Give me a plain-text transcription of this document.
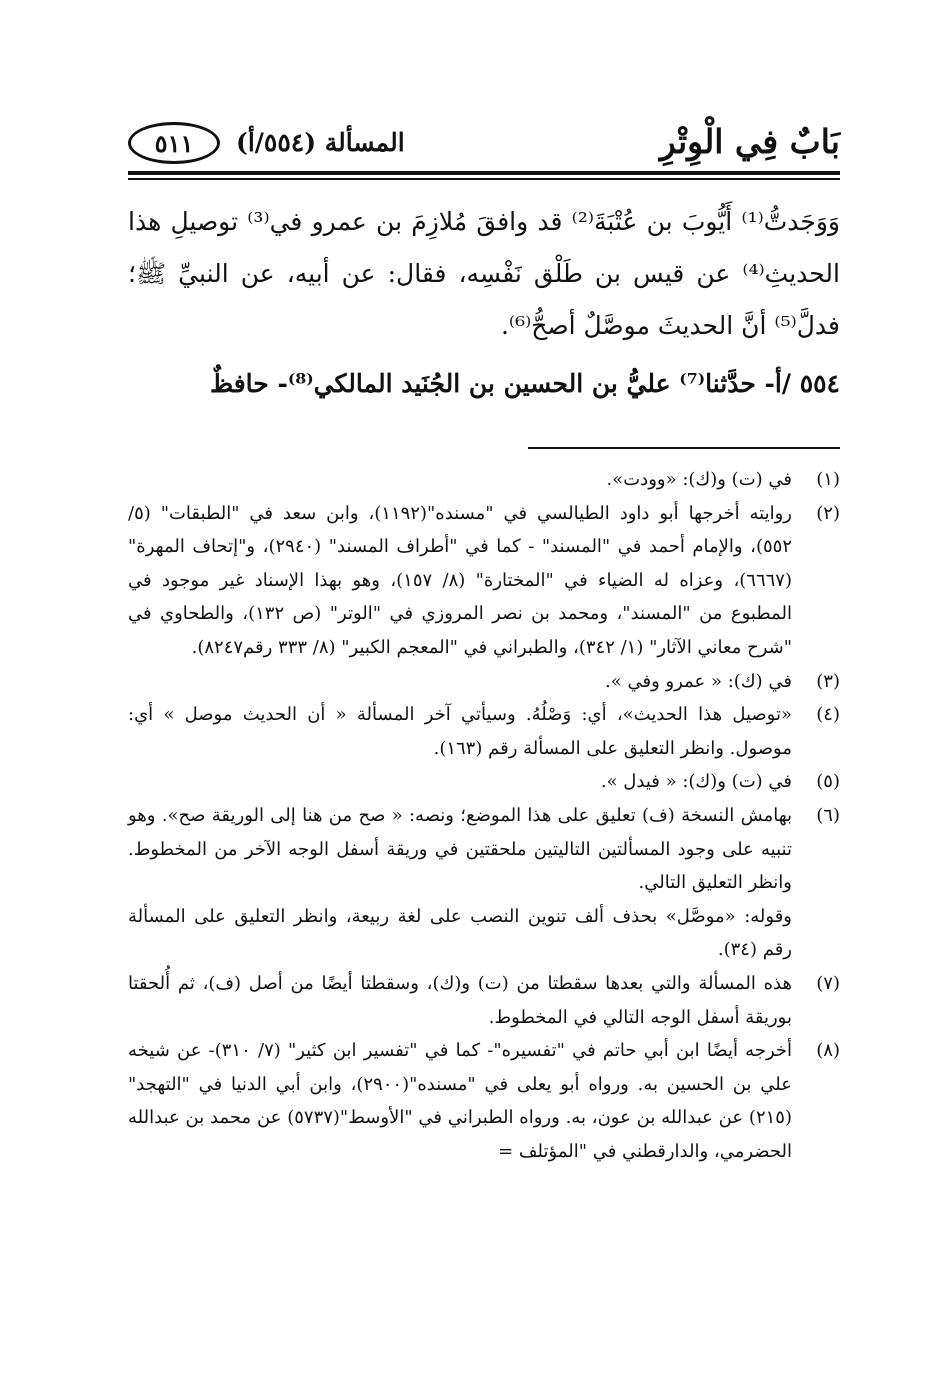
بَابٌ فِي الْوِتْرِ
المسألة (٥٥٤/أ)
٥١١

وَوَجَدتُّ⁽¹⁾ أَيُّوبَ بن عُتْبَةَ⁽²⁾ قد وافقَ مُلازِمَ بن عمرو في⁽³⁾ توصيلِ هذا الحديثِ⁽⁴⁾ عن قيس بن طَلْق نَفْسِه، فقال: عن أبيه، عن النبيِّ ﷺ؛ فدلَّ⁽⁵⁾ أنَّ الحديثَ موصَّلٌ أصحُّ⁽⁶⁾.

٥٥٤ /أ- حدَّثنا⁽⁷⁾ عليُّ بن الحسين بن الجُنَيد المالكي⁽⁸⁾- حافظٌ
(١)

في (ت) و(ك): «وودت».

(٢)

روايته أخرجها أبو داود الطيالسي في "مسنده"(١١٩٢)، وابن سعد في "الطبقات" (٥/ ٥٥٢)، والإمام أحمد في "المسند" - كما في "أطراف المسند" (٢٩٤٠)، و"إتحاف المهرة" (٦٦٦٧)، وعزاه له الضياء في "المختارة" (٨/ ١٥٧)، وهو بهذا الإسناد غير موجود في المطبوع من "المسند"، ومحمد بن نصر المروزي في "الوتر" (ص ١٣٢)، والطحاوي في "شرح معاني الآثار" (١/ ٣٤٢)، والطبراني في "المعجم الكبير" (٨/ ٣٣٣ رقم٨٢٤٧).

(٣)

في (ك): « عمرو وفي ».

(٤)

«توصيل هذا الحديث»، أي: وَصْلُهُ. وسيأتي آخر المسألة « أن الحديث موصل » أي: موصول. وانظر التعليق على المسألة رقم (١٦٣).

(٥)

في (ت) و(ك): « فيدل ».

(٦)

بهامش النسخة (ف) تعليق على هذا الموضع؛ ونصه: « صح من هنا إلى الوريقة صح». وهو تنبيه على وجود المسألتين التاليتين ملحقتين في وريقة أسفل الوجه الآخر من المخطوط. وانظر التعليق التالي.

وقوله: «موصَّل» بحذف ألف تنوين النصب على لغة ربيعة، وانظر التعليق على المسألة رقم (٣٤).

(٧)

هذه المسألة والتي بعدها سقطتا من (ت) و(ك)، وسقطتا أيضًا من أصل (ف)، ثم أُلحقتا بوريقة أسفل الوجه التالي في المخطوط.

(٨)

أخرجه أيضًا ابن أبي حاتم في "تفسيره"- كما في "تفسير ابن كثير" (٧/ ٣١٠)- عن شيخه علي بن الحسين به. ورواه أبو يعلى في "مسنده"(٢٩٠٠)، وابن أبي الدنيا في "التهجد" (٢١٥) عن عبدالله بن عون، به. ورواه الطبراني في "الأوسط"(٥٧٣٧) عن محمد بن عبدالله الحضرمي، والدارقطني في "المؤتلف =
